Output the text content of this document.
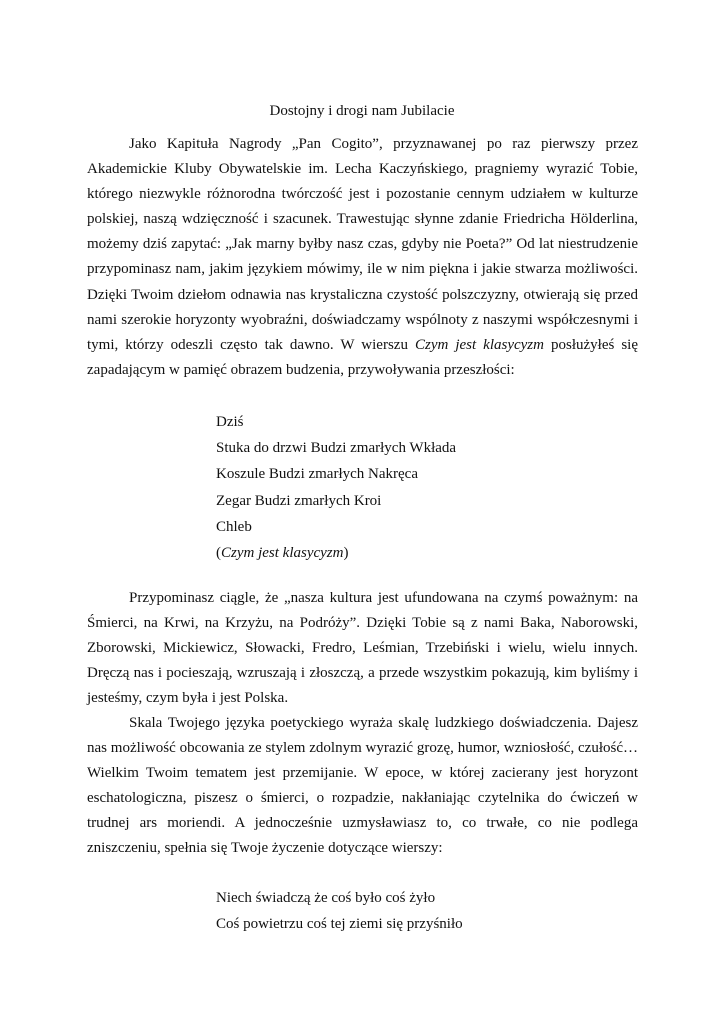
Dostojny i drogi nam Jubilacie

Jako Kapituła Nagrody „Pan Cogito”, przyznawanej po raz pierwszy przez Akademickie Kluby Obywatelskie im. Lecha Kaczyńskiego, pragniemy wyrazić Tobie, którego niezwykle różnorodna twórczość jest i pozostanie cennym udziałem w kulturze polskiej, naszą wdzięczność i szacunek. Trawestując słynne zdanie Friedricha Hölderlina, możemy dziś zapytać: „Jak marny byłby nasz czas, gdyby nie Poeta?” Od lat niestrudzenie przypominasz nam, jakim językiem mówimy, ile w nim piękna i jakie stwarza możliwości. Dzięki Twoim dziełom odnawia nas krystaliczna czystość polszczyzny, otwierają się przed nami szerokie horyzonty wyobraźni, doświadczamy wspólnoty z naszymi współczesnymi i tymi, którzy odeszli często tak dawno. W wierszu Czym jest klasycyzm posłużyłeś się zapadającym w pamięć obrazem budzenia, przywoływania przeszłości:

Dziś
Stuka do drzwi Budzi zmarłych Wkłada
Koszule Budzi zmarłych Nakręca
Zegar Budzi zmarłych Kroi
Chleb
(Czym jest klasycyzm)

Przypominasz ciągle, że „nasza kultura jest ufundowana na czymś poważnym: na Śmierci, na Krwi, na Krzyżu, na Podróży”. Dzięki Tobie są z nami Baka, Naborowski, Zborowski, Mickiewicz, Słowacki, Fredro, Leśmian, Trzebiński i wielu, wielu innych. Dręczą nas i pocieszają, wzruszają i złoszczą, a przede wszystkim pokazują, kim byliśmy i jesteśmy, czym była i jest Polska.

Skala Twojego języka poetyckiego wyraża skalę ludzkiego doświadczenia. Dajesz nas możliwość obcowania ze stylem zdolnym wyrazić grozę, humor, wzniosłość, czułość… Wielkim Twoim tematem jest przemijanie. W epoce, w której zacierany jest horyzont eschatologiczna, piszesz o śmierci, o rozpadzie, nakłaniając czytelnika do ćwiczeń w trudnej ars moriendi. A jednocześnie uzmysławiasz to, co trwałe, co nie podlega zniszczeniu, spełnia się Twoje życzenie dotyczące wierszy:

Niech świadczą że coś było coś żyło
Coś powietrzu coś tej ziemi się przyśniło
